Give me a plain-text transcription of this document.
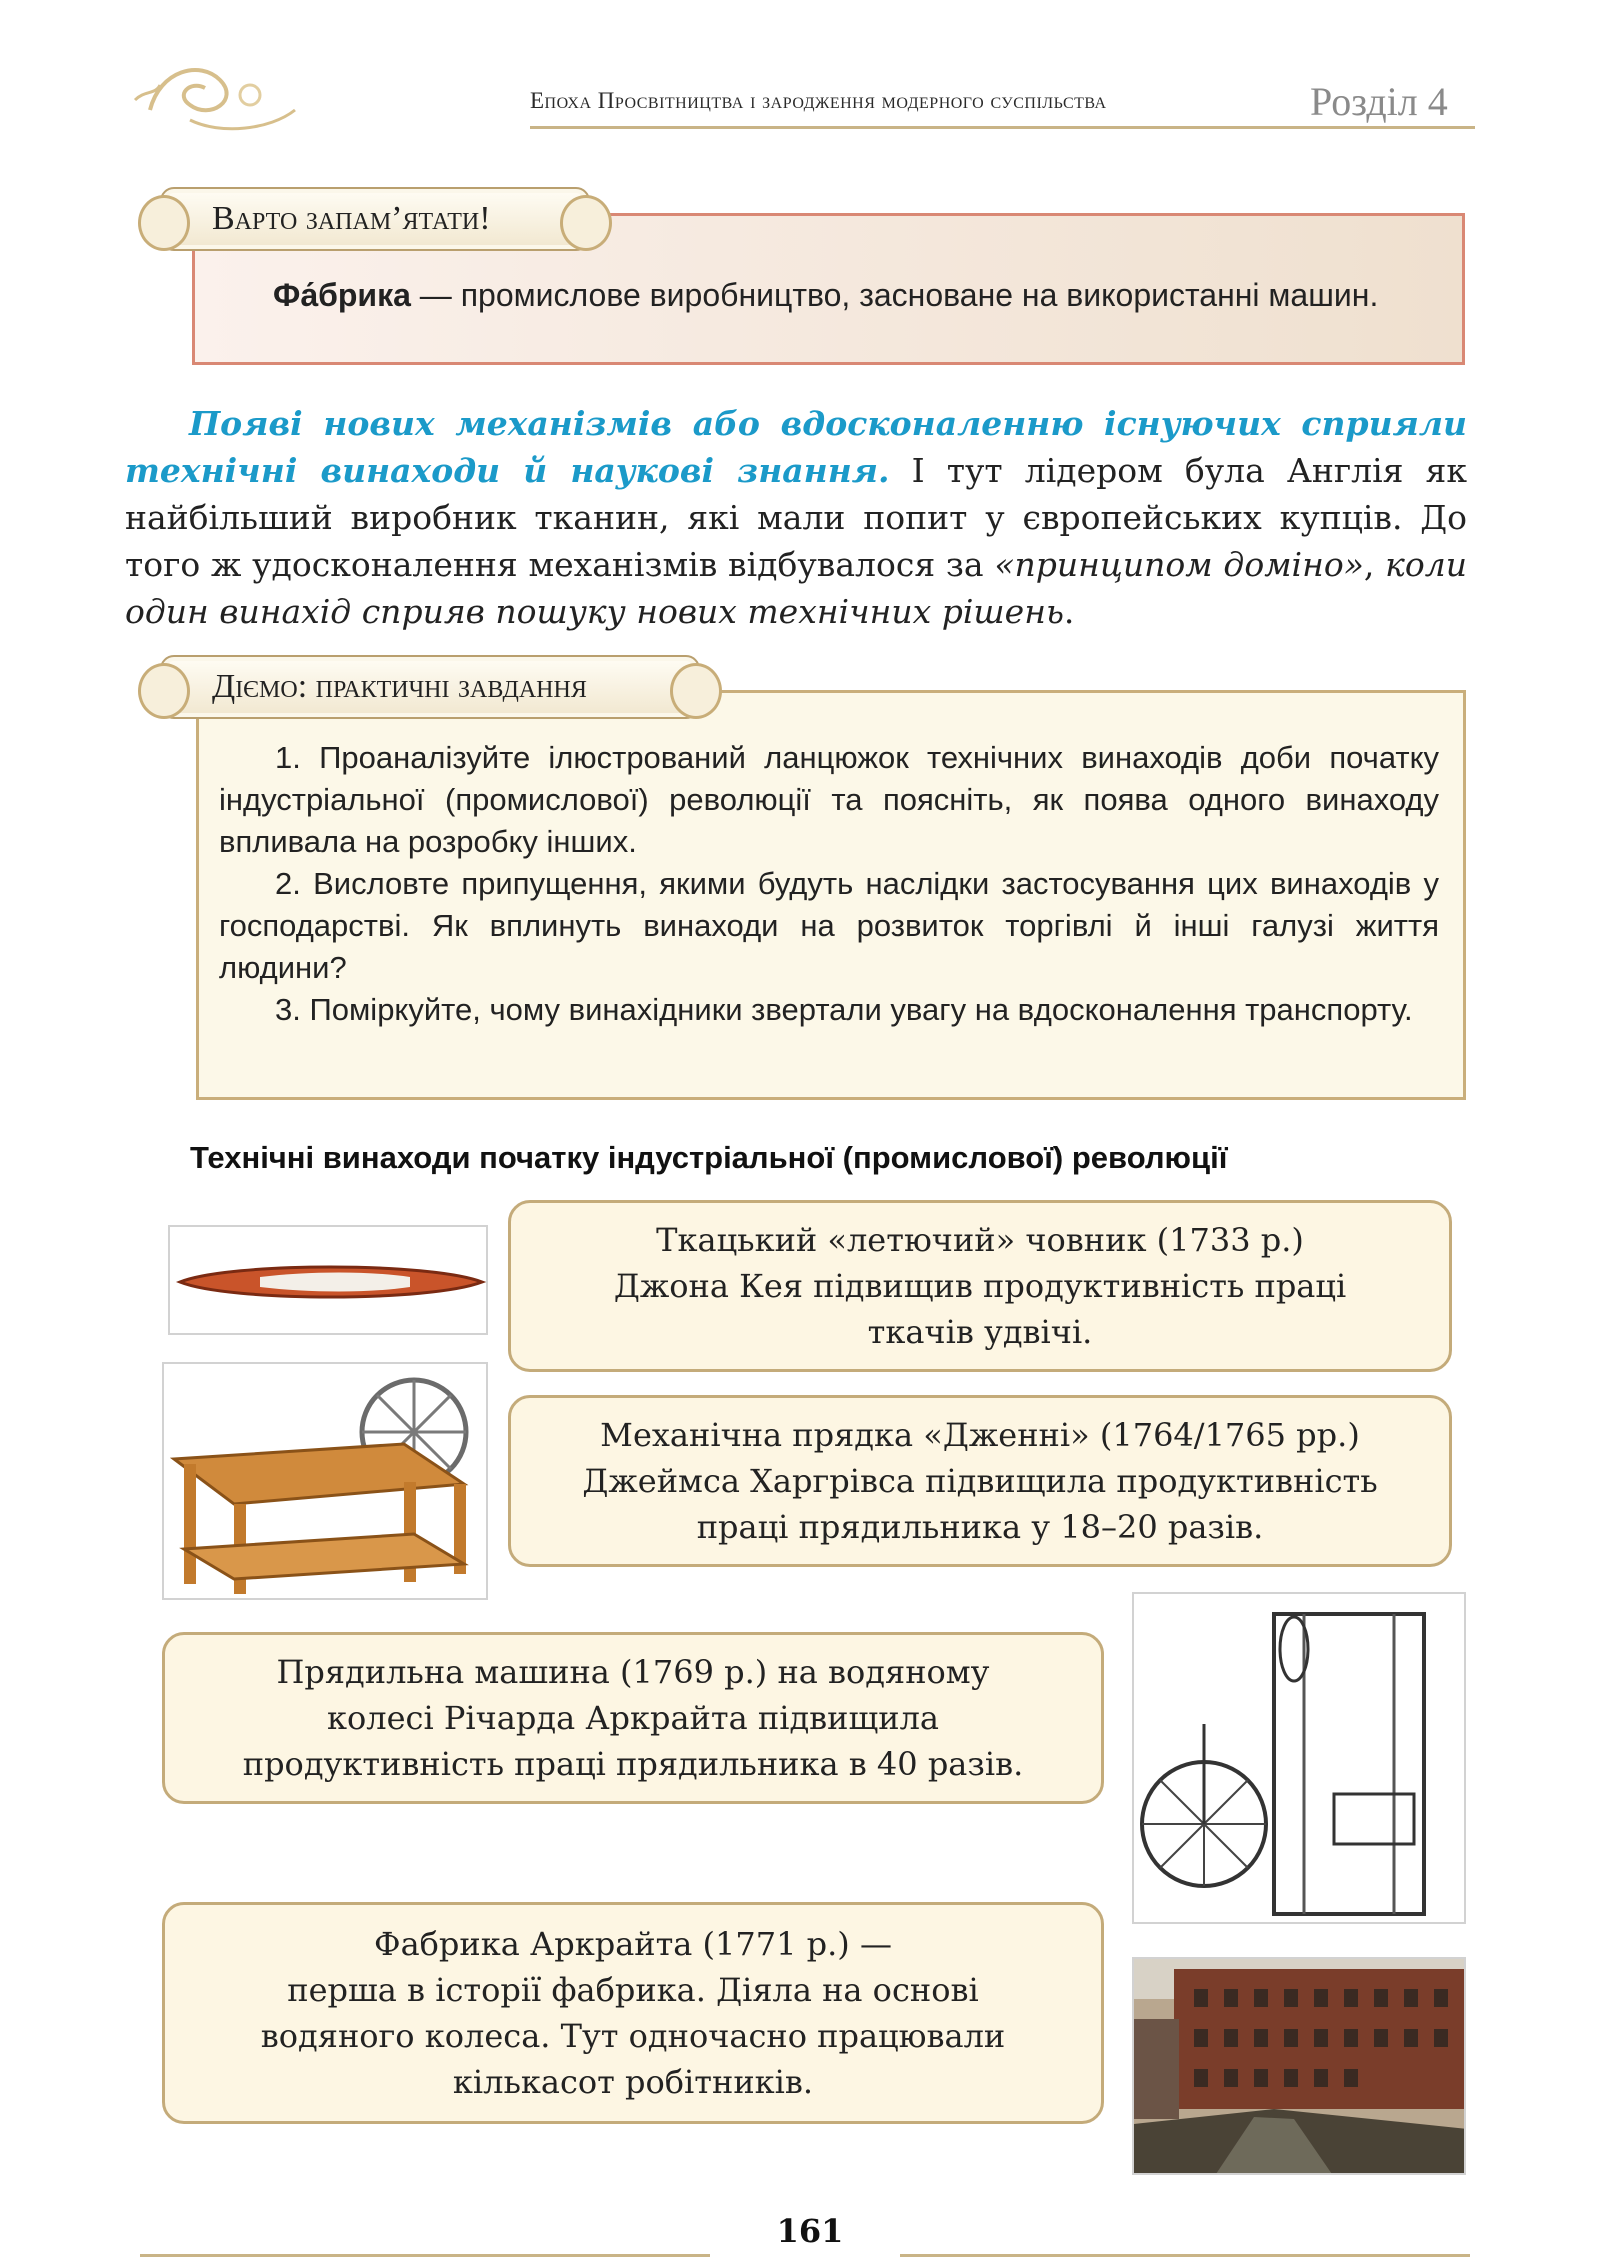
Епоха Просвітництва і зародження модерного суспільства	Розділ 4
Фа́брика — промислове виробництво, засноване на використанні машин.
Варто запам’ятати!
Появі нових механізмів або вдосконаленню існуючих сприяли технічні винаходи й наукові знання. І тут лідером була Англія як найбільший виробник тканин, які мали попит у європейських купців. До того ж удосконалення механізмів відбувалося за «принципом доміно», коли один винахід сприяв пошуку нових технічних рішень.

1. Проаналізуйте ілюстрований ланцюжок технічних винаходів доби початку індустріальної (промислової) революції та поясніть, як поява одного винаходу впливала на розробку інших.

2. Висловте припущення, якими будуть наслідки застосування цих винаходів у господарстві. Як вплинуть винаходи на розвиток торгівлі й інші галузі життя людини?

3. Поміркуйте, чому винахідники звертали увагу на вдосконалення транспорту.

Діємо: практичні завдання
Технічні винаходи початку індустріальної (промислової) революції
Ткацький «летючий» човник (1733 р.)
Джона Кея підвищив продуктивність праці
ткачів удвічі.
Механічна прядка «Дженні» (1764/1765 рр.)
Джеймса Харгрівса підвищила продуктивність
праці прядильника у 18–20 разів.
Прядильна машина (1769 р.) на водяному
колесі Річарда Аркрайта підвищила
продуктивність праці прядильника в 40 разів.
Фабрика Аркрайта (1771 р.) —
перша в історії фабрика. Діяла на основі
водяного колеса. Тут одночасно працювали
кількасот робітників.
161
